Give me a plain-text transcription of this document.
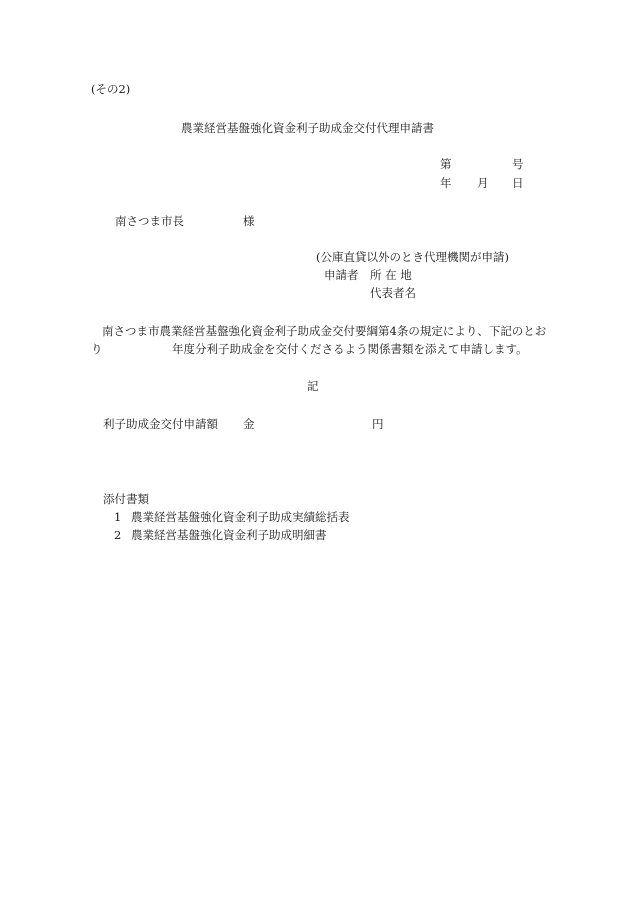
(その2)
農業経営基盤強化資金利子助成金交付代理申請書
第	号
年 月 日
南さつま市長	様
(公庫直貸以外のとき代理機関が申請)
申請者 所 在 地
代表者名
南さつま市農業経営基盤強化資金利子助成金交付要綱第4条の規定により、下記のとお
り	年度分利子助成金を交付くださるよう関係書類を添えて申請します。
記
利子助成金交付申請額 金	円
添付書類
1 農業経営基盤強化資金利子助成実績総括表
2 農業経営基盤強化資金利子助成明細書
